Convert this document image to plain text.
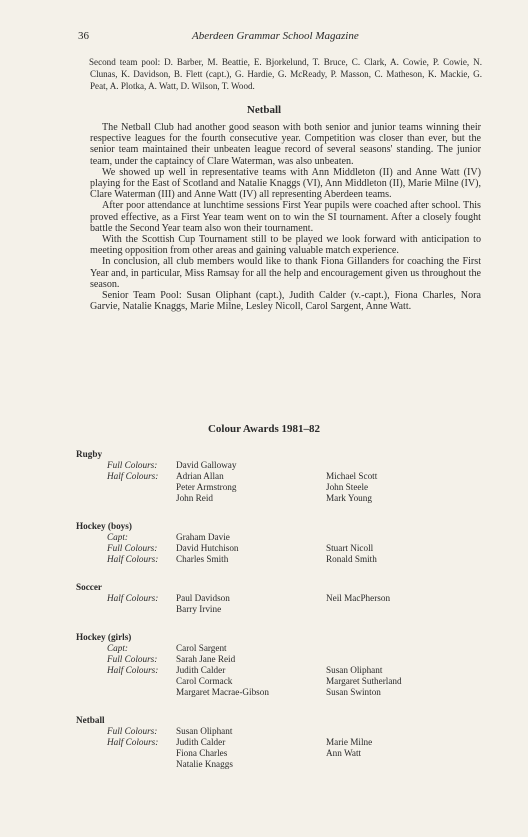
36	Aberdeen Grammar School Magazine

Second team pool: D. Barber, M. Beattie, E. Bjorkelund, T. Bruce, C. Clark, A. Cowie, P. Cowie, N. Clunas, K. Davidson, B. Flett (capt.), G. Hardie, G. McReady, P. Masson, C. Matheson, K. Mackie, G. Peat, A. Plotka, A. Watt, D. Wilson, T. Wood.

Netball

The Netball Club had another good season with both senior and junior teams winning their respective leagues for the fourth consecutive year. Competition was closer than ever, but the senior team maintained their unbeaten league record of several seasons' standing. The junior team, under the captaincy of Clare Waterman, was also unbeaten.

We showed up well in representative teams with Ann Middleton (II) and Anne Watt (IV) playing for the East of Scotland and Natalie Knaggs (VI), Ann Middleton (II), Marie Milne (IV), Clare Waterman (III) and Anne Watt (IV) all representing Aberdeen teams.

After poor attendance at lunchtime sessions First Year pupils were coached after school. This proved effective, as a First Year team went on to win the SI tournament. After a closely fought battle the Second Year team also won their tournament.

With the Scottish Cup Tournament still to be played we look forward with anticipation to meeting opposition from other areas and gaining valuable match experience.

In conclusion, all club members would like to thank Fiona Gillanders for coaching the First Year and, in particular, Miss Ramsay for all the help and encouragement given us throughout the season.

Senior Team Pool: Susan Oliphant (capt.), Judith Calder (v.-capt.), Fiona Charles, Nora Garvie, Natalie Knaggs, Marie Milne, Lesley Nicoll, Carol Sargent, Anne Watt.

Colour Awards 1981–82
Rugby
Full Colours: David Galloway
Half Colours: Adrian Allan	Michael Scott
Peter Armstrong	John Steele
John Reid	Mark Young
Hockey (boys)
Capt:	Graham Davie
Full Colours: David Hutchison	Stuart Nicoll
Half Colours: Charles Smith	Ronald Smith
Soccer
Half Colours: Paul Davidson	Neil MacPherson
Barry Irvine
Hockey (girls)
Capt:	Carol Sargent
Full Colours: Sarah Jane Reid
Half Colours: Judith Calder	Susan Oliphant
Carol Cormack	Margaret Sutherland
Margaret Macrae-Gibson	Susan Swinton
Netball
Full Colours: Susan Oliphant
Half Colours: Judith Calder	Marie Milne
Fiona Charles	Ann Watt
Natalie Knaggs
